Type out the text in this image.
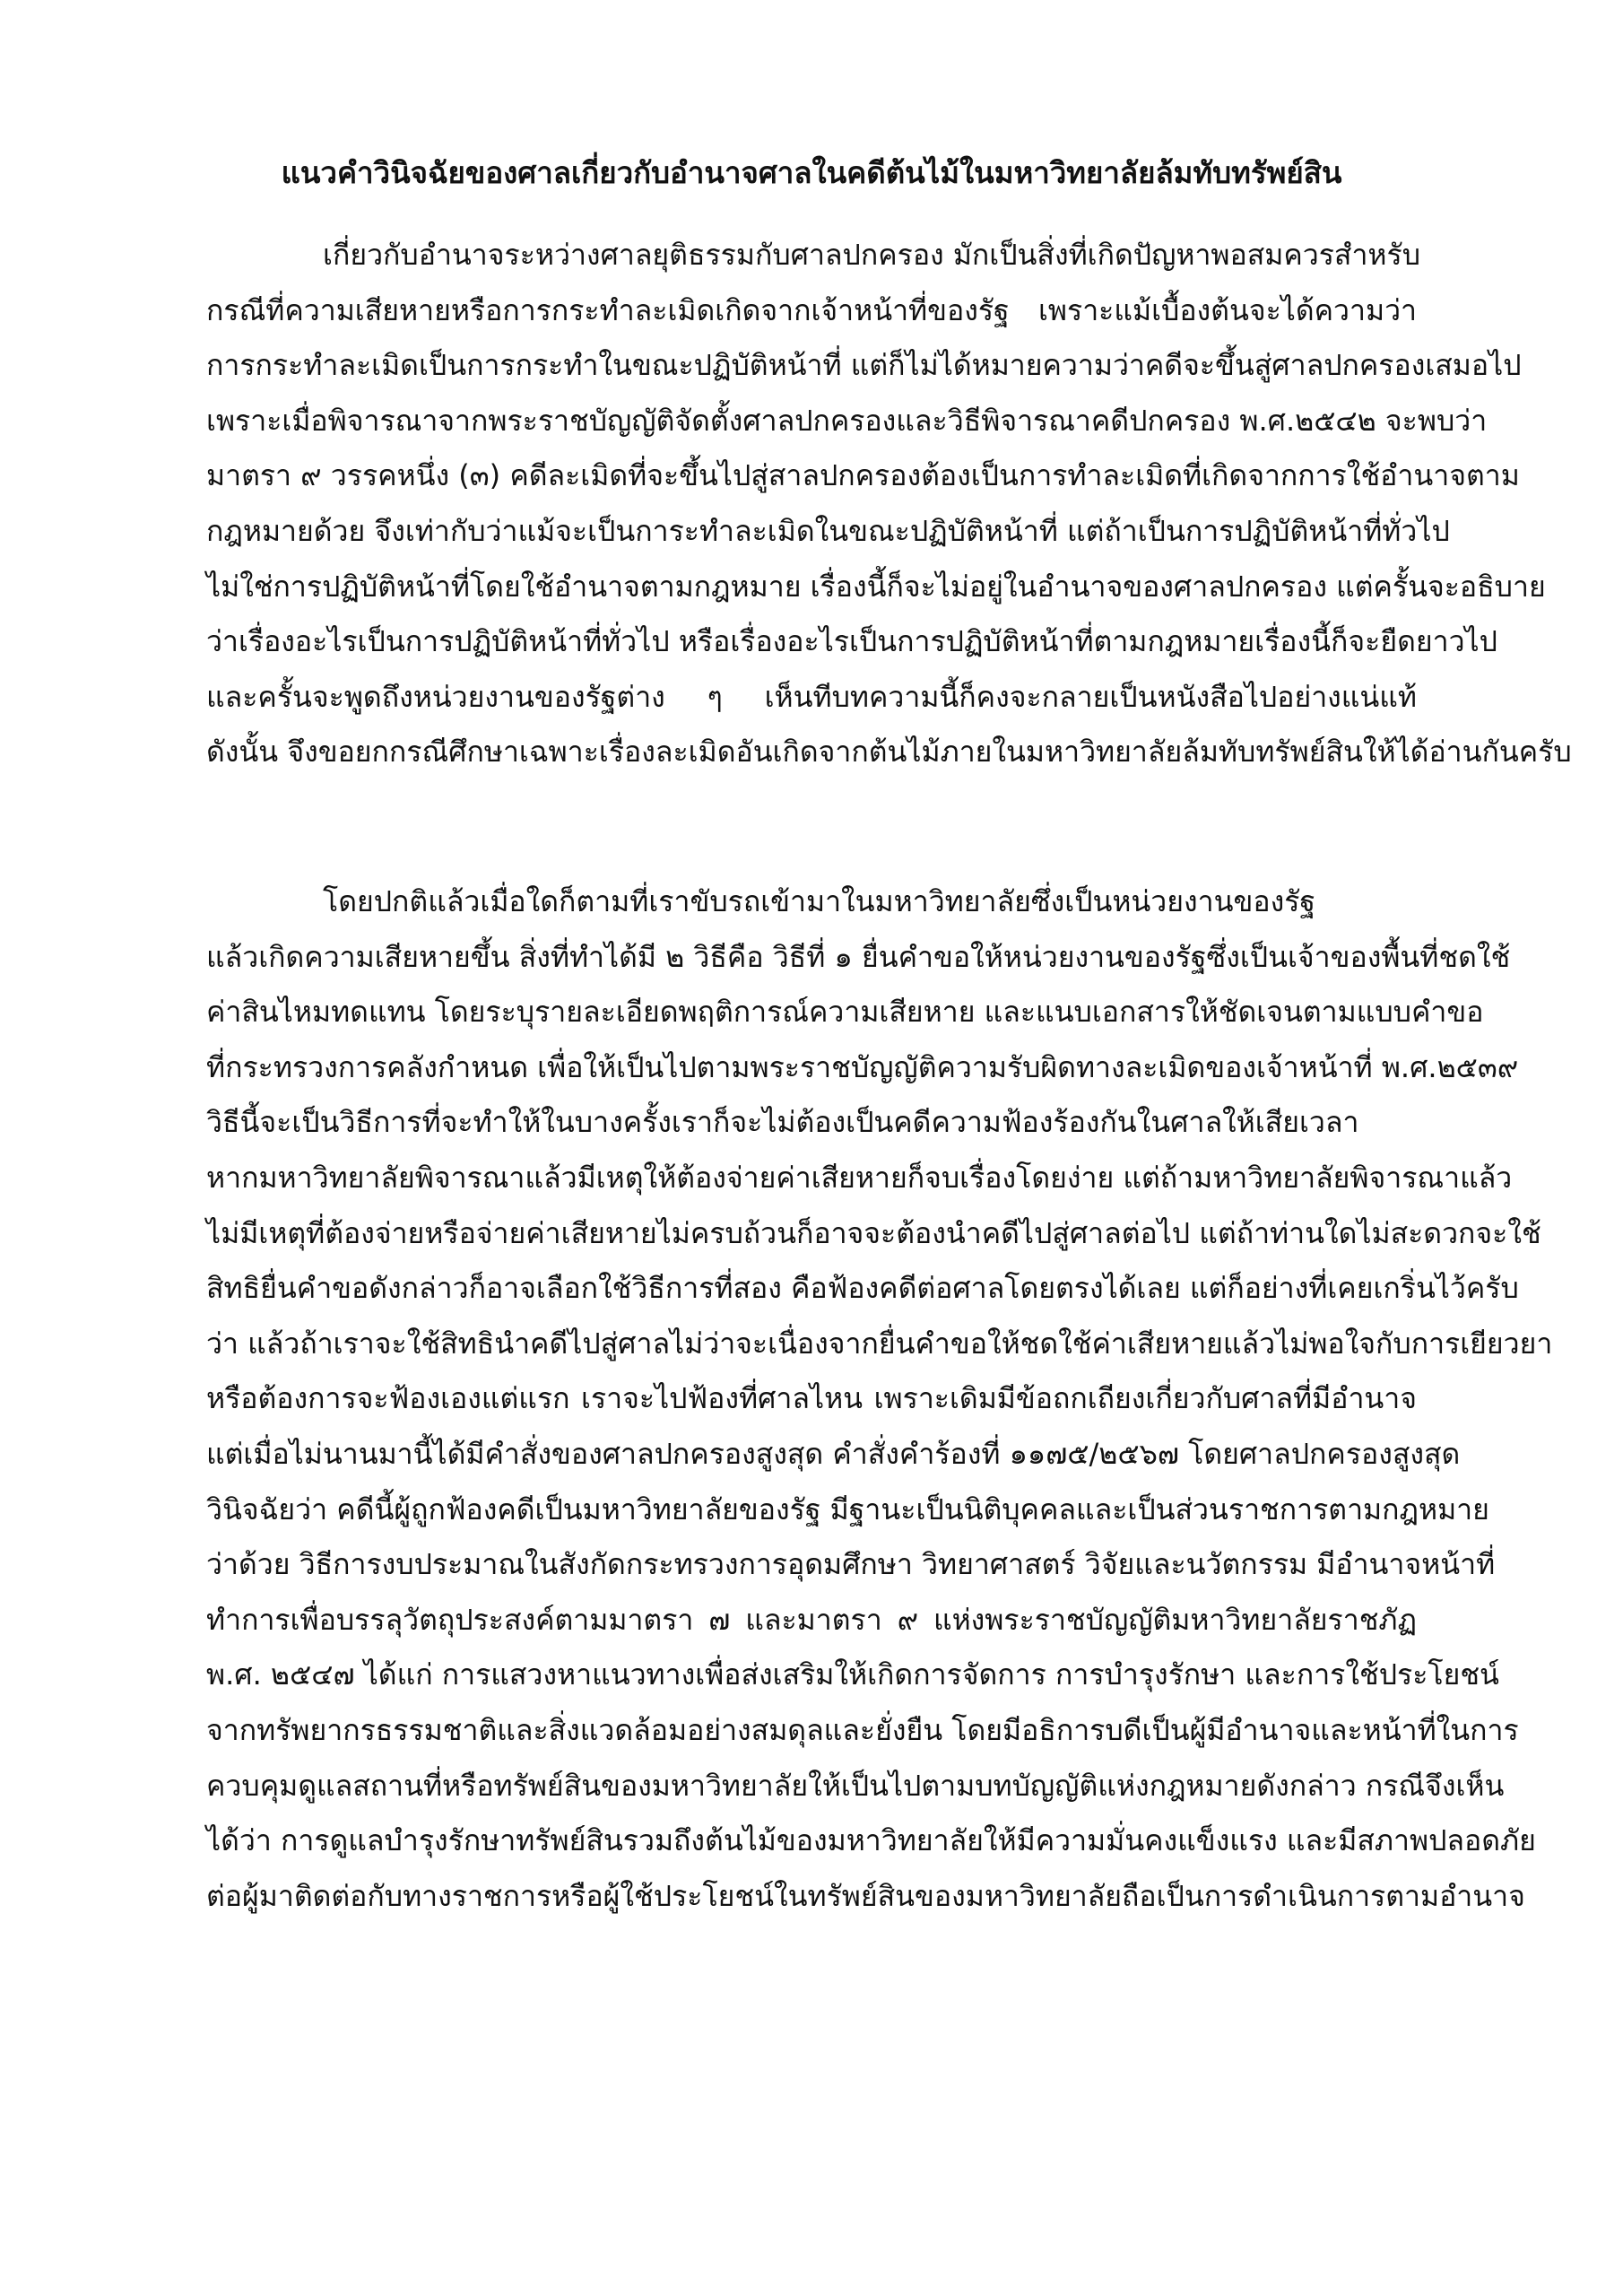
แนวคำวินิจฉัยของศาลเกี่ยวกับอำนาจศาลในคดีต้นไม้ในมหาวิทยาลัยล้มทับทรัพย์สิน
เกี่ยวกับอำนาจระหว่างศาลยุติธรรมกับศาลปกครอง มักเป็นสิ่งที่เกิดปัญหาพอสมควรสำหรับ
กรณีที่ความเสียหายหรือการกระทำละเมิดเกิดจากเจ้าหน้าที่ของรัฐ เพราะแม้เบื้องต้นจะได้ความว่า
การกระทำละเมิดเป็นการกระทำในขณะปฏิบัติหน้าที่ แต่ก็ไม่ได้หมายความว่าคดีจะขึ้นสู่ศาลปกครองเสมอไป
เพราะเมื่อพิจารณาจากพระราชบัญญัติจัดตั้งศาลปกครองและวิธีพิจารณาคดีปกครอง พ.ศ.๒๕๔๒ จะพบว่า
มาตรา ๙ วรรคหนึ่ง (๓) คดีละเมิดที่จะขึ้นไปสู่สาลปกครองต้องเป็นการทำละเมิดที่เกิดจากการใช้อำนาจตาม
กฎหมายด้วย จึงเท่ากับว่าแม้จะเป็นการะทำละเมิดในขณะปฏิบัติหน้าที่ แต่ถ้าเป็นการปฏิบัติหน้าที่ทั่วไป
ไม่ใช่การปฏิบัติหน้าที่โดยใช้อำนาจตามกฎหมาย เรื่องนี้ก็จะไม่อยู่ในอำนาจของศาลปกครอง แต่ครั้นจะอธิบาย
ว่าเรื่องอะไรเป็นการปฏิบัติหน้าที่ทั่วไป หรือเรื่องอะไรเป็นการปฏิบัติหน้าที่ตามกฎหมายเรื่องนี้ก็จะยืดยาวไป
และครั้นจะพูดถึงหน่วยงานของรัฐต่าง ๆ เห็นทีบทความนี้ก็คงจะกลายเป็นหนังสือไปอย่างแน่แท้
ดังนั้น จึงขอยกกรณีศึกษาเฉพาะเรื่องละเมิดอันเกิดจากต้นไม้ภายในมหาวิทยาลัยล้มทับทรัพย์สินให้ได้อ่านกันครับ
โดยปกติแล้วเมื่อใดก็ตามที่เราขับรถเข้ามาในมหาวิทยาลัยซึ่งเป็นหน่วยงานของรัฐ
แล้วเกิดความเสียหายขึ้น สิ่งที่ทำได้มี ๒ วิธีคือ วิธีที่ ๑ ยื่นคำขอให้หน่วยงานของรัฐซึ่งเป็นเจ้าของพื้นที่ชดใช้
ค่าสินไหมทดแทน โดยระบุรายละเอียดพฤติการณ์ความเสียหาย และแนบเอกสารให้ชัดเจนตามแบบคำขอ
ที่กระทรวงการคลังกำหนด เพื่อให้เป็นไปตามพระราชบัญญัติความรับผิดทางละเมิดของเจ้าหน้าที่ พ.ศ.๒๕๓๙
วิธีนี้จะเป็นวิธีการที่จะทำให้ในบางครั้งเราก็จะไม่ต้องเป็นคดีความฟ้องร้องกันในศาลให้เสียเวลา
หากมหาวิทยาลัยพิจารณาแล้วมีเหตุให้ต้องจ่ายค่าเสียหายก็จบเรื่องโดยง่าย แต่ถ้ามหาวิทยาลัยพิจารณาแล้ว
ไม่มีเหตุที่ต้องจ่ายหรือจ่ายค่าเสียหายไม่ครบถ้วนก็อาจจะต้องนำคดีไปสู่ศาลต่อไป แต่ถ้าท่านใดไม่สะดวกจะใช้
สิทธิยื่นคำขอดังกล่าวก็อาจเลือกใช้วิธีการที่สอง คือฟ้องคดีต่อศาลโดยตรงได้เลย แต่ก็อย่างที่เคยเกริ่นไว้ครับ
ว่า แล้วถ้าเราจะใช้สิทธินำคดีไปสู่ศาลไม่ว่าจะเนื่องจากยื่นคำขอให้ชดใช้ค่าเสียหายแล้วไม่พอใจกับการเยียวยา
หรือต้องการจะฟ้องเองแต่แรก เราจะไปฟ้องที่ศาลไหน เพราะเดิมมีข้อถกเถียงเกี่ยวกับศาลที่มีอำนาจ
แต่เมื่อไม่นานมานี้ได้มีคำสั่งของศาลปกครองสูงสุด คำสั่งคำร้องที่ ๑๑๗๕/๒๕๖๗ โดยศาลปกครองสูงสุด
วินิจฉัยว่า คดีนี้ผู้ถูกฟ้องคดีเป็นมหาวิทยาลัยของรัฐ มีฐานะเป็นนิติบุคคลและเป็นส่วนราชการตามกฎหมาย
ว่าด้วย วิธีการงบประมาณในสังกัดกระทรวงการอุดมศึกษา วิทยาศาสตร์ วิจัยและนวัตกรรม มีอำนาจหน้าที่
ทำการเพื่อบรรลุวัตถุประสงค์ตามมาตรา ๗ และมาตรา ๙ แห่งพระราชบัญญัติมหาวิทยาลัยราชภัฏ
พ.ศ. ๒๕๔๗ ได้แก่ การแสวงหาแนวทางเพื่อส่งเสริมให้เกิดการจัดการ การบำรุงรักษา และการใช้ประโยชน์
จากทรัพยากรธรรมชาติและสิ่งแวดล้อมอย่างสมดุลและยั่งยืน โดยมีอธิการบดีเป็นผู้มีอำนาจและหน้าที่ในการ
ควบคุมดูแลสถานที่หรือทรัพย์สินของมหาวิทยาลัยให้เป็นไปตามบทบัญญัติแห่งกฎหมายดังกล่าว กรณีจึงเห็น
ได้ว่า การดูแลบำรุงรักษาทรัพย์สินรวมถึงต้นไม้ของมหาวิทยาลัยให้มีความมั่นคงแข็งแรง และมีสภาพปลอดภัย
ต่อผู้มาติดต่อกับทางราชการหรือผู้ใช้ประโยชน์ในทรัพย์สินของมหาวิทยาลัยถือเป็นการดำเนินการตามอำนาจ
